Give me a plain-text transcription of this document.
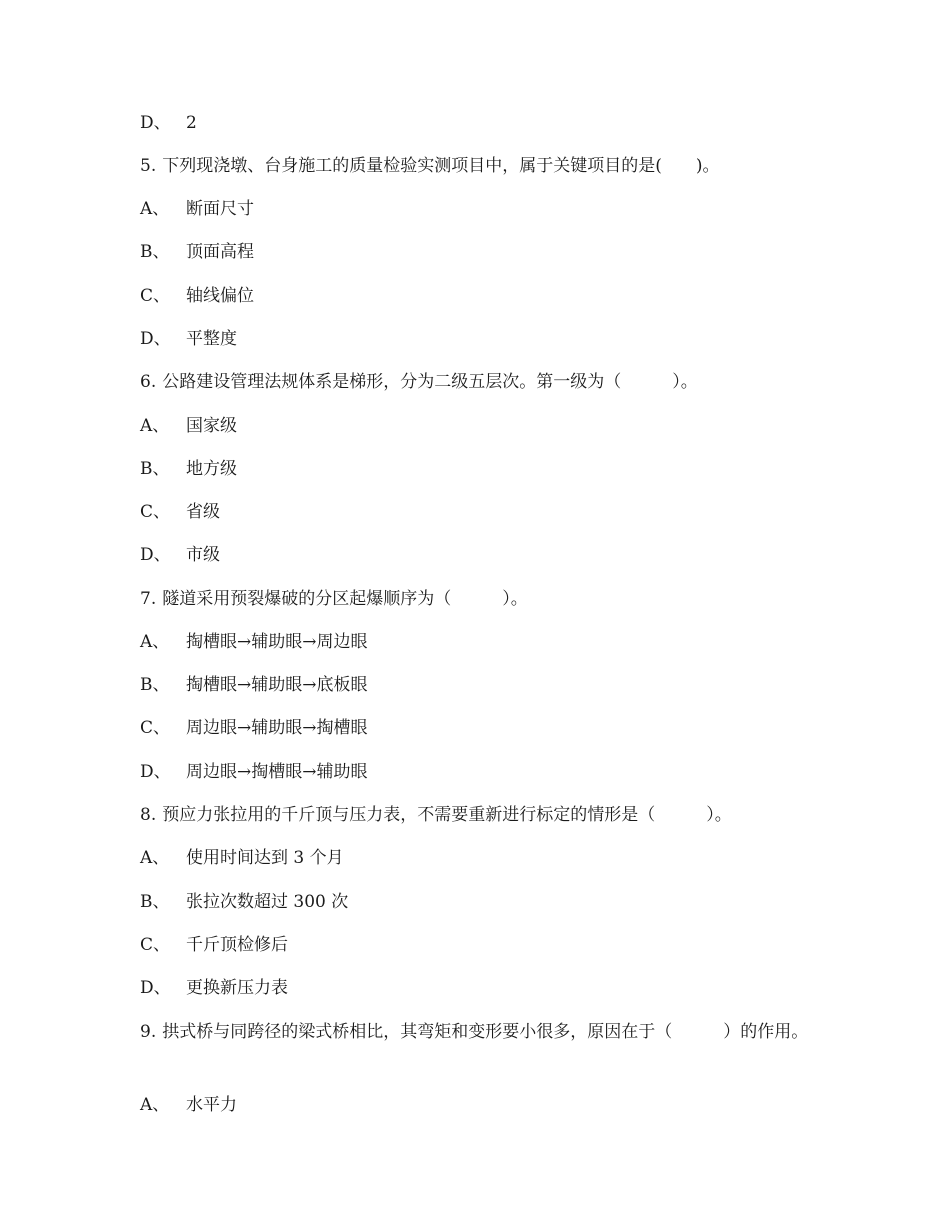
D、 2
5. 下列现浇墩、台身施工的质量检验实测项目中，属于关键项目的是(　　)。
A、 断面尺寸
B、 顶面高程
C、 轴线偏位
D、 平整度
6. 公路建设管理法规体系是梯形，分为二级五层次。第一级为（　　　）。
A、 国家级
B、 地方级
C、 省级
D、 市级
7. 隧道采用预裂爆破的分区起爆顺序为（　　　）。
A、 掏槽眼→辅助眼→周边眼
B、 掏槽眼→辅助眼→底板眼
C、 周边眼→辅助眼→掏槽眼
D、 周边眼→掏槽眼→辅助眼
8. 预应力张拉用的千斤顶与压力表，不需要重新进行标定的情形是（　　　）。
A、 使用时间达到 3 个月
B、 张拉次数超过 300 次
C、 千斤顶检修后
D、 更换新压力表
9. 拱式桥与同跨径的梁式桥相比，其弯矩和变形要小很多，原因在于（　　　）的作用。
A、 水平力
